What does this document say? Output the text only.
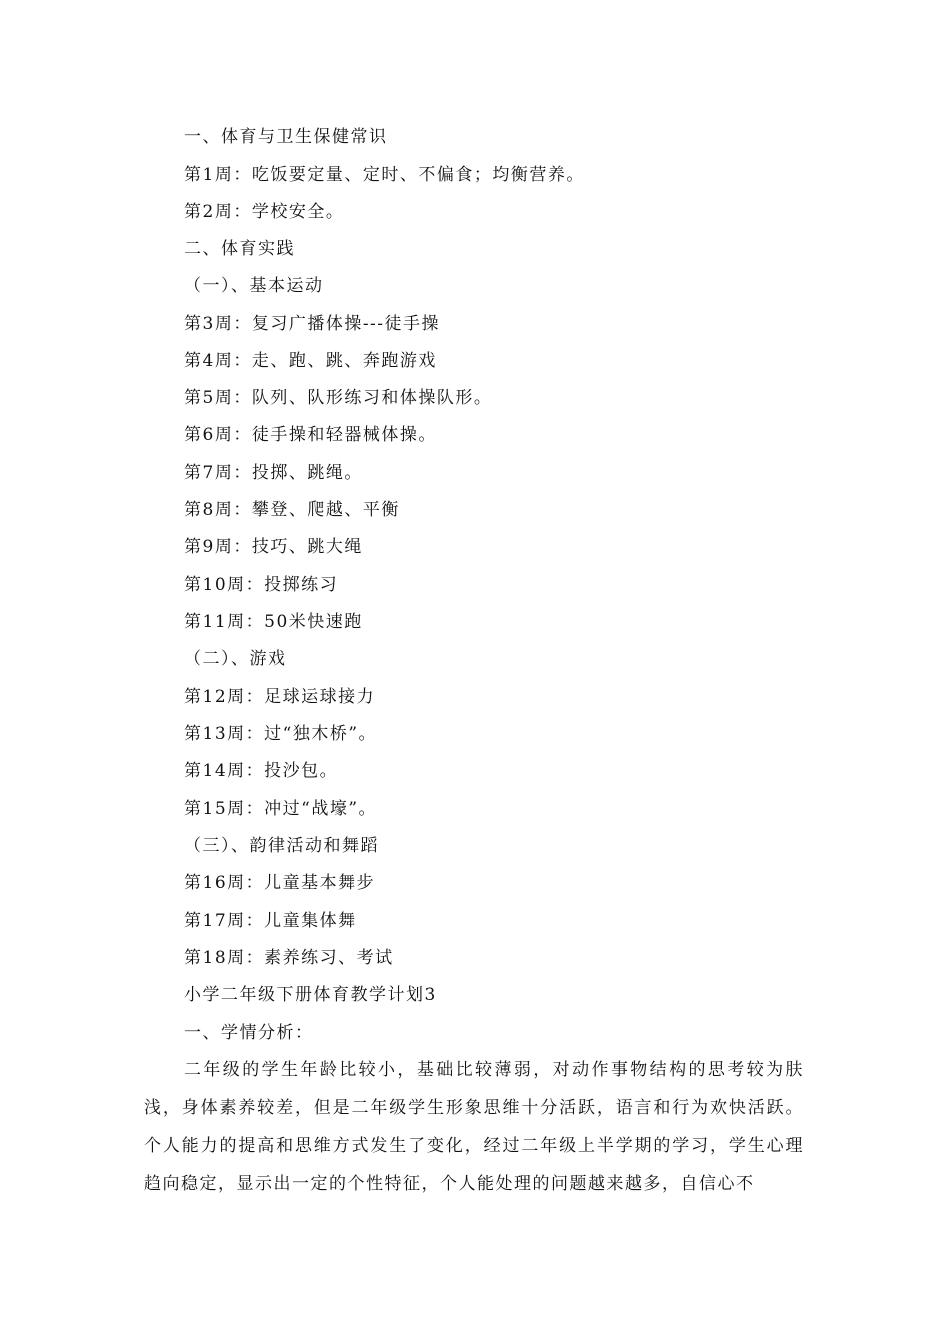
一、体育与卫生保健常识
第1周：吃饭要定量、定时、不偏食；均衡营养。
第2周：学校安全。
二、体育实践
（一）、基本运动
第3周：复习广播体操---徒手操
第4周：走、跑、跳、奔跑游戏
第5周：队列、队形练习和体操队形。
第6周：徒手操和轻器械体操。
第7周：投掷、跳绳。
第8周：攀登、爬越、平衡
第9周：技巧、跳大绳
第10周：投掷练习
第11周：50米快速跑
（二）、游戏
第12周：足球运球接力
第13周：过“独木桥”。
第14周：投沙包。
第15周：冲过“战壕”。
（三）、韵律活动和舞蹈
第16周：儿童基本舞步
第17周：儿童集体舞
第18周：素养练习、考试
小学二年级下册体育教学计划3
一、学情分析：
二年级的学生年龄比较小，基础比较薄弱，对动作事物结构的思考较为肤浅，身体素养较差，但是二年级学生形象思维十分活跃，语言和行为欢快活跃。个人能力的提高和思维方式发生了变化，经过二年级上半学期的学习，学生心理趋向稳定，显示出一定的个性特征，个人能处理的问题越来越多，自信心不
